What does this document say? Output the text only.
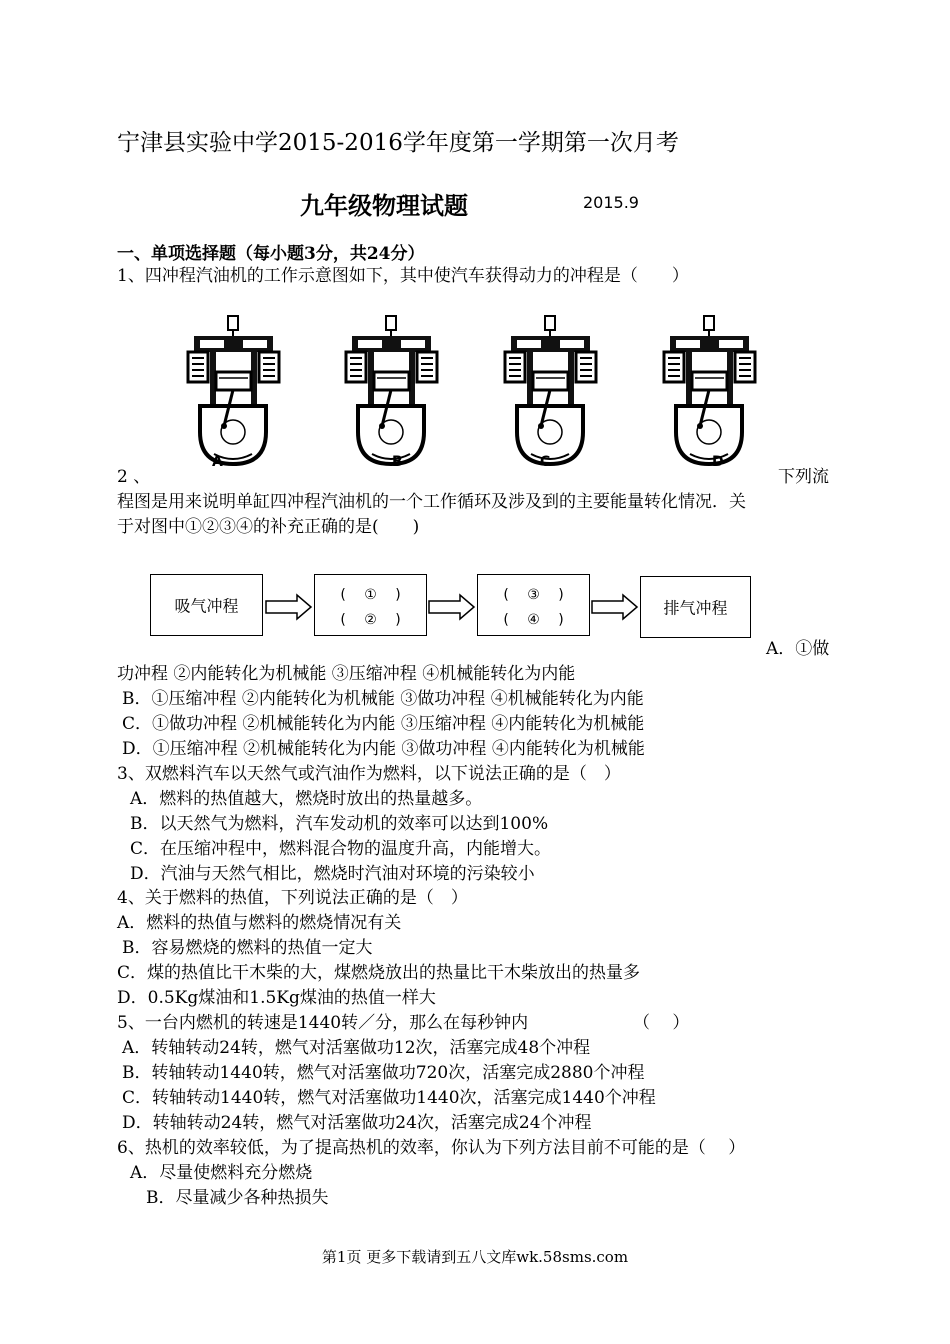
宁津县实验中学2015-2016学年度第一学期第一次月考
九年级物理试题	2015.9
一、单项选择题（每小题3分，共24分）
1、四冲程汽油机的工作示意图如下，其中使汽车获得动力的冲程是（　　）
A	B	C	D
2 、	下列流
程图是用来说明单缸四冲程汽油机的一个工作循环及涉及到的主要能量转化情况．关
于对图中①②③④的补充正确的是(　　)
吸气冲程
(　 ①　 )
(　 ②　 )
(　 ③　 )
(　 ④　 )
排气冲程
A．①做
功冲程 ②内能转化为机械能 ③压缩冲程 ④机械能转化为内能
B．①压缩冲程 ②内能转化为机械能 ③做功冲程 ④机械能转化为内能
C．①做功冲程 ②机械能转化为内能 ③压缩冲程 ④内能转化为机械能
D．①压缩冲程 ②机械能转化为内能 ③做功冲程 ④内能转化为机械能
3、双燃料汽车以天然气或汽油作为燃料，以下说法正确的是（　）
A．燃料的热值越大，燃烧时放出的热量越多。
B．以天然气为燃料，汽车发动机的效率可以达到100%
C．在压缩冲程中，燃料混合物的温度升高，内能增大。
D．汽油与天然气相比，燃烧时汽油对环境的污染较小
4、关于燃料的热值，下列说法正确的是（　）
A．燃料的热值与燃料的燃烧情况有关
B．容易燃烧的燃料的热值一定大
C．煤的热值比干木柴的大，煤燃烧放出的热量比干木柴放出的热量多
D．0.5Kg煤油和1.5Kg煤油的热值一样大
5、一台内燃机的转速是1440转／分，那么在每秒钟内	（　 ）
A．转轴转动24转，燃气对活塞做功12次，活塞完成48个冲程
B．转轴转动1440转，燃气对活塞做功720次，活塞完成2880个冲程
C．转轴转动1440转，燃气对活塞做功1440次，活塞完成1440个冲程
D．转轴转动24转，燃气对活塞做功24次，活塞完成24个冲程
6、热机的效率较低，为了提高热机的效率，你认为下列方法目前不可能的是（　 ）
A．尽量使燃料充分燃烧
B．尽量减少各种热损失
第1页 更多下载请到五八文库wk.58sms.com
